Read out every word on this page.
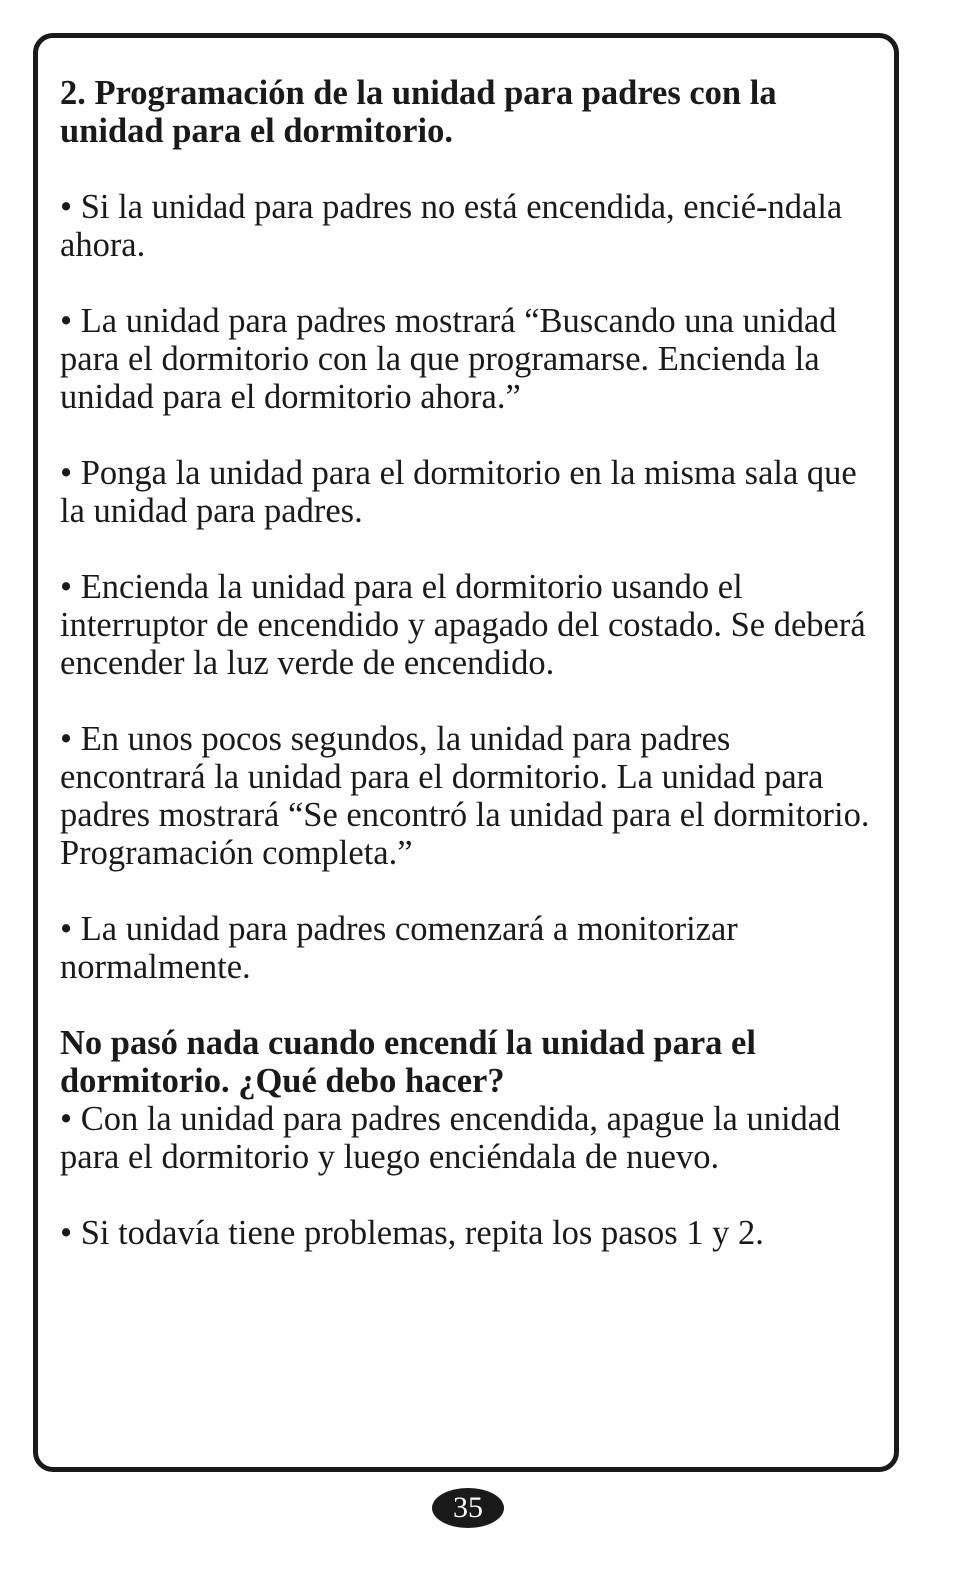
2. Programación de la unidad para padres con la unidad para el dormitorio.

• Si la unidad para padres no está encendida, encié-ndala ahora.

• La unidad para padres mostrará “Buscando una unidad para el dormitorio con la que programarse. Encienda la unidad para el dormitorio ahora.”

• Ponga la unidad para el dormitorio en la misma sala que la unidad para padres.

• Encienda la unidad para el dormitorio usando el interruptor de encendido y apagado del costado. Se deberá encender la luz verde de encendido.

• En unos pocos segundos, la unidad para padres encontrará la unidad para el dormitorio. La unidad para padres mostrará “Se encontró la unidad para el dormitorio. Programación completa.”

• La unidad para padres comenzará a monitorizar normalmente.

No pasó nada cuando encendí la unidad para el dormitorio. ¿Qué debo hacer?

• Con la unidad para padres encendida, apague la unidad para el dormitorio y luego enciéndala de nuevo.

• Si todavía tiene problemas, repita los pasos 1 y 2.

35
